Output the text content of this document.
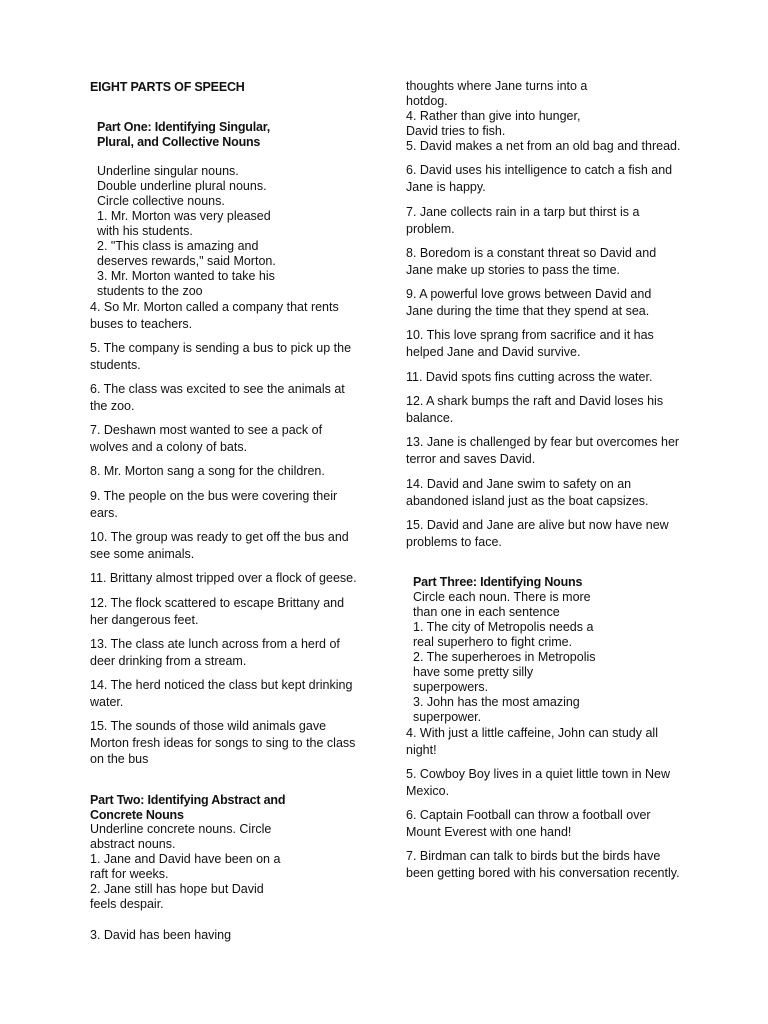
EIGHT PARTS OF SPEECH
Part One: Identifying Singular,
Plural, and Collective Nouns
Underline singular nouns.
Double underline plural nouns.
Circle collective nouns.
1. Mr. Morton was very pleased
with his students.
2. "This class is amazing and
deserves rewards," said Morton.
3. Mr. Morton wanted to take his
students to the zoo
4. So Mr. Morton called a company that rents
buses to teachers.
5. The company is sending a bus to pick up the
students.
6. The class was excited to see the animals at
the zoo.
7. Deshawn most wanted to see a pack of
wolves and a colony of bats.
8. Mr. Morton sang a song for the children.
9. The people on the bus were covering their
ears.
10. The group was ready to get off the bus and
see some animals.
11. Brittany almost tripped over a flock of geese.
12. The flock scattered to escape Brittany and
her dangerous feet.
13. The class ate lunch across from a herd of
deer drinking from a stream.
14. The herd noticed the class but kept drinking
water.
15. The sounds of those wild animals gave
Morton fresh ideas for songs to sing to the class
on the bus
Part Two: Identifying Abstract and
Concrete Nouns
Underline concrete nouns. Circle
abstract nouns.
1. Jane and David have been on a
raft for weeks.
2. Jane still has hope but David
feels despair.
3. David has been having
thoughts where Jane turns into a
hotdog.
4. Rather than give into hunger,
David tries to fish.
5. David makes a net from an old bag and thread.
6. David uses his intelligence to catch a fish and
Jane is happy.
7. Jane collects rain in a tarp but thirst is a
problem.
8. Boredom is a constant threat so David and
Jane make up stories to pass the time.
9. A powerful love grows between David and
Jane during the time that they spend at sea.
10. This love sprang from sacrifice and it has
helped Jane and David survive.
11. David spots fins cutting across the water.
12. A shark bumps the raft and David loses his
balance.
13. Jane is challenged by fear but overcomes her
terror and saves David.
14. David and Jane swim to safety on an
abandoned island just as the boat capsizes.
15. David and Jane are alive but now have new
problems to face.
Part Three: Identifying Nouns
Circle each noun. There is more
than one in each sentence
1. The city of Metropolis needs a
real superhero to fight crime.
2. The superheroes in Metropolis
have some pretty silly
superpowers.
3. John has the most amazing
superpower.
4. With just a little caffeine, John can study all
night!
5. Cowboy Boy lives in a quiet little town in New
Mexico.
6. Captain Football can throw a football over
Mount Everest with one hand!
7. Birdman can talk to birds but the birds have
been getting bored with his conversation recently.
